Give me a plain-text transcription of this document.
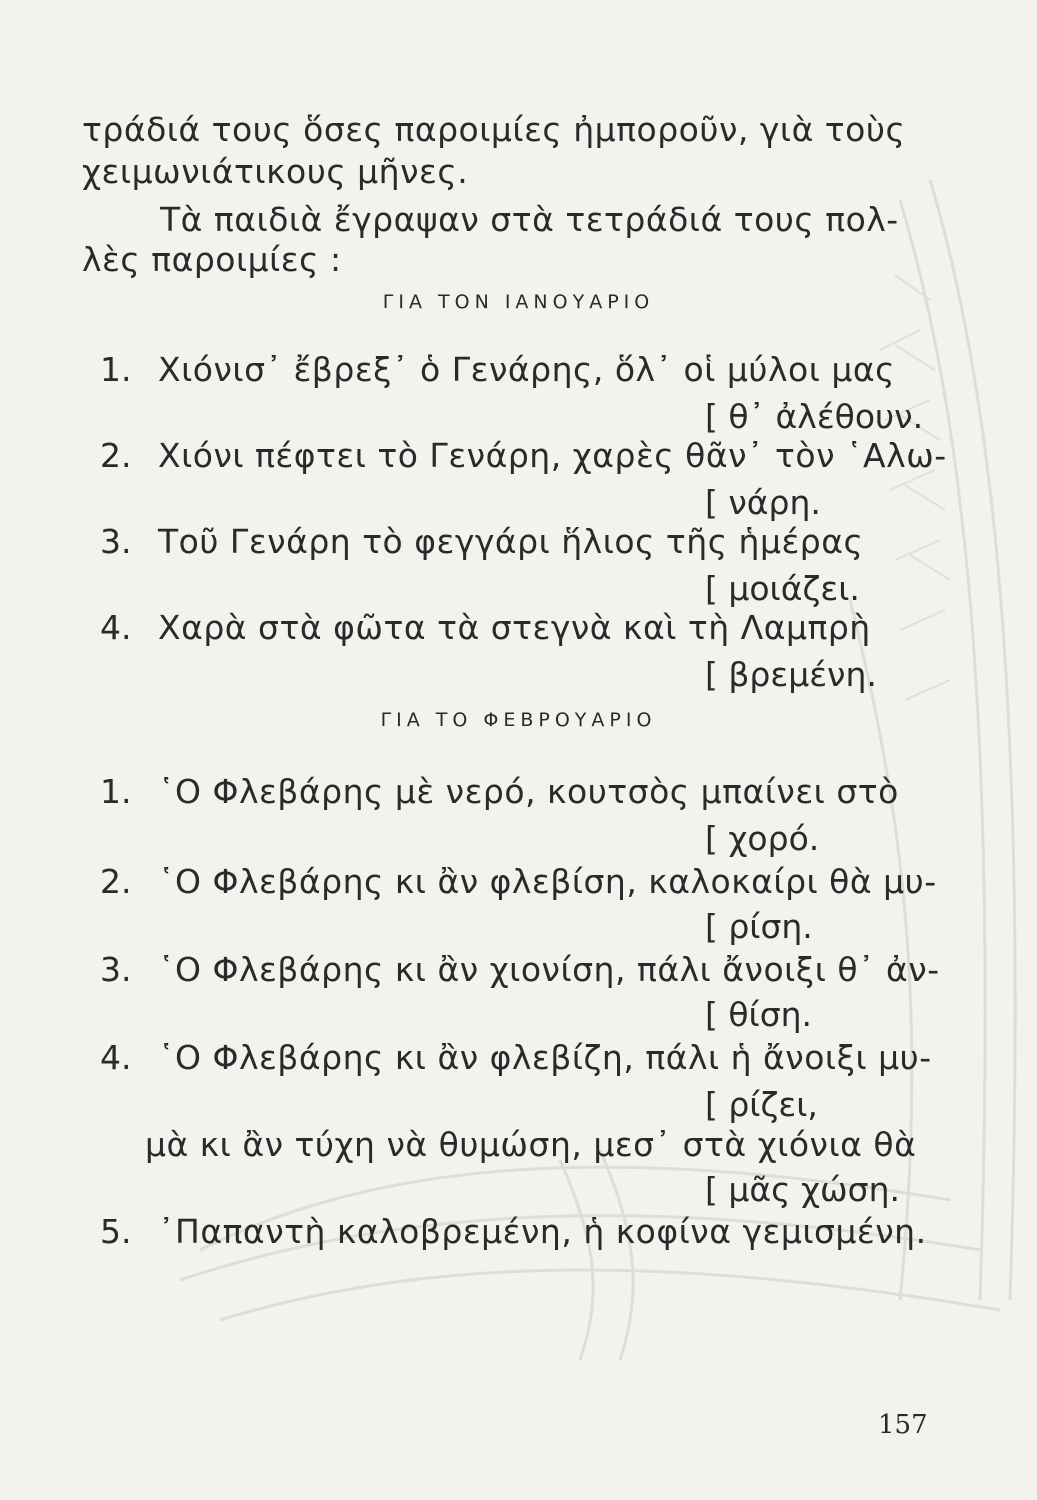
τράδιά τους ὅσες παροιμίες ἠμποροῦν, γιὰ τοὺς
χειμωνιάτικους μῆνες.
Τὰ παιδιὰ ἔγραψαν στὰ τετράδιά τους πολ-
λὲς παροιμίες :
ΓΙΑ ΤΟΝ ΙΑΝΟΥΑΡΙΟ
1. Χιόνισ᾽ ἔβρεξ᾽ ὁ Γενάρης, ὅλ᾽ οἱ μύλοι μας
[ θ᾽ ἀλέθουν.
2. Χιόνι πέφτει τὸ Γενάρη, χαρὲς θᾶν᾽ τὸν ῾Αλω-
[ νάρη.
3. Τοῦ Γενάρη τὸ φεγγάρι ἥλιος τῆς ἡμέρας
[ μοιάζει.
4. Χαρὰ στὰ φῶτα τὰ στεγνὰ καὶ τὴ Λαμπρὴ
[ βρεμένη.
ΓΙΑ ΤΟ ΦΕΒΡΟΥΑΡΙΟ
1. ῾Ο Φλεβάρης μὲ νερό, κουτσὸς μπαίνει στὸ
[ χορό.
2. ῾Ο Φλεβάρης κι ἂν φλεβίση, καλοκαίρι θὰ μυ-
[ ρίση.
3. ῾Ο Φλεβάρης κι ἂν χιονίση, πάλι ἄνοιξι θ᾽ ἀν-
[ θίση.
4. ῾Ο Φλεβάρης κι ἂν φλεβίζη, πάλι ἡ ἄνοιξι μυ-
[ ρίζει,
μὰ κι ἂν τύχη νὰ θυμώση, μεσ᾽ στὰ χιόνια θὰ
[ μᾶς χώση.
5. ᾽Παπαντὴ καλοβρεμένη, ἡ κοφίνα γεμισμένη.
157
